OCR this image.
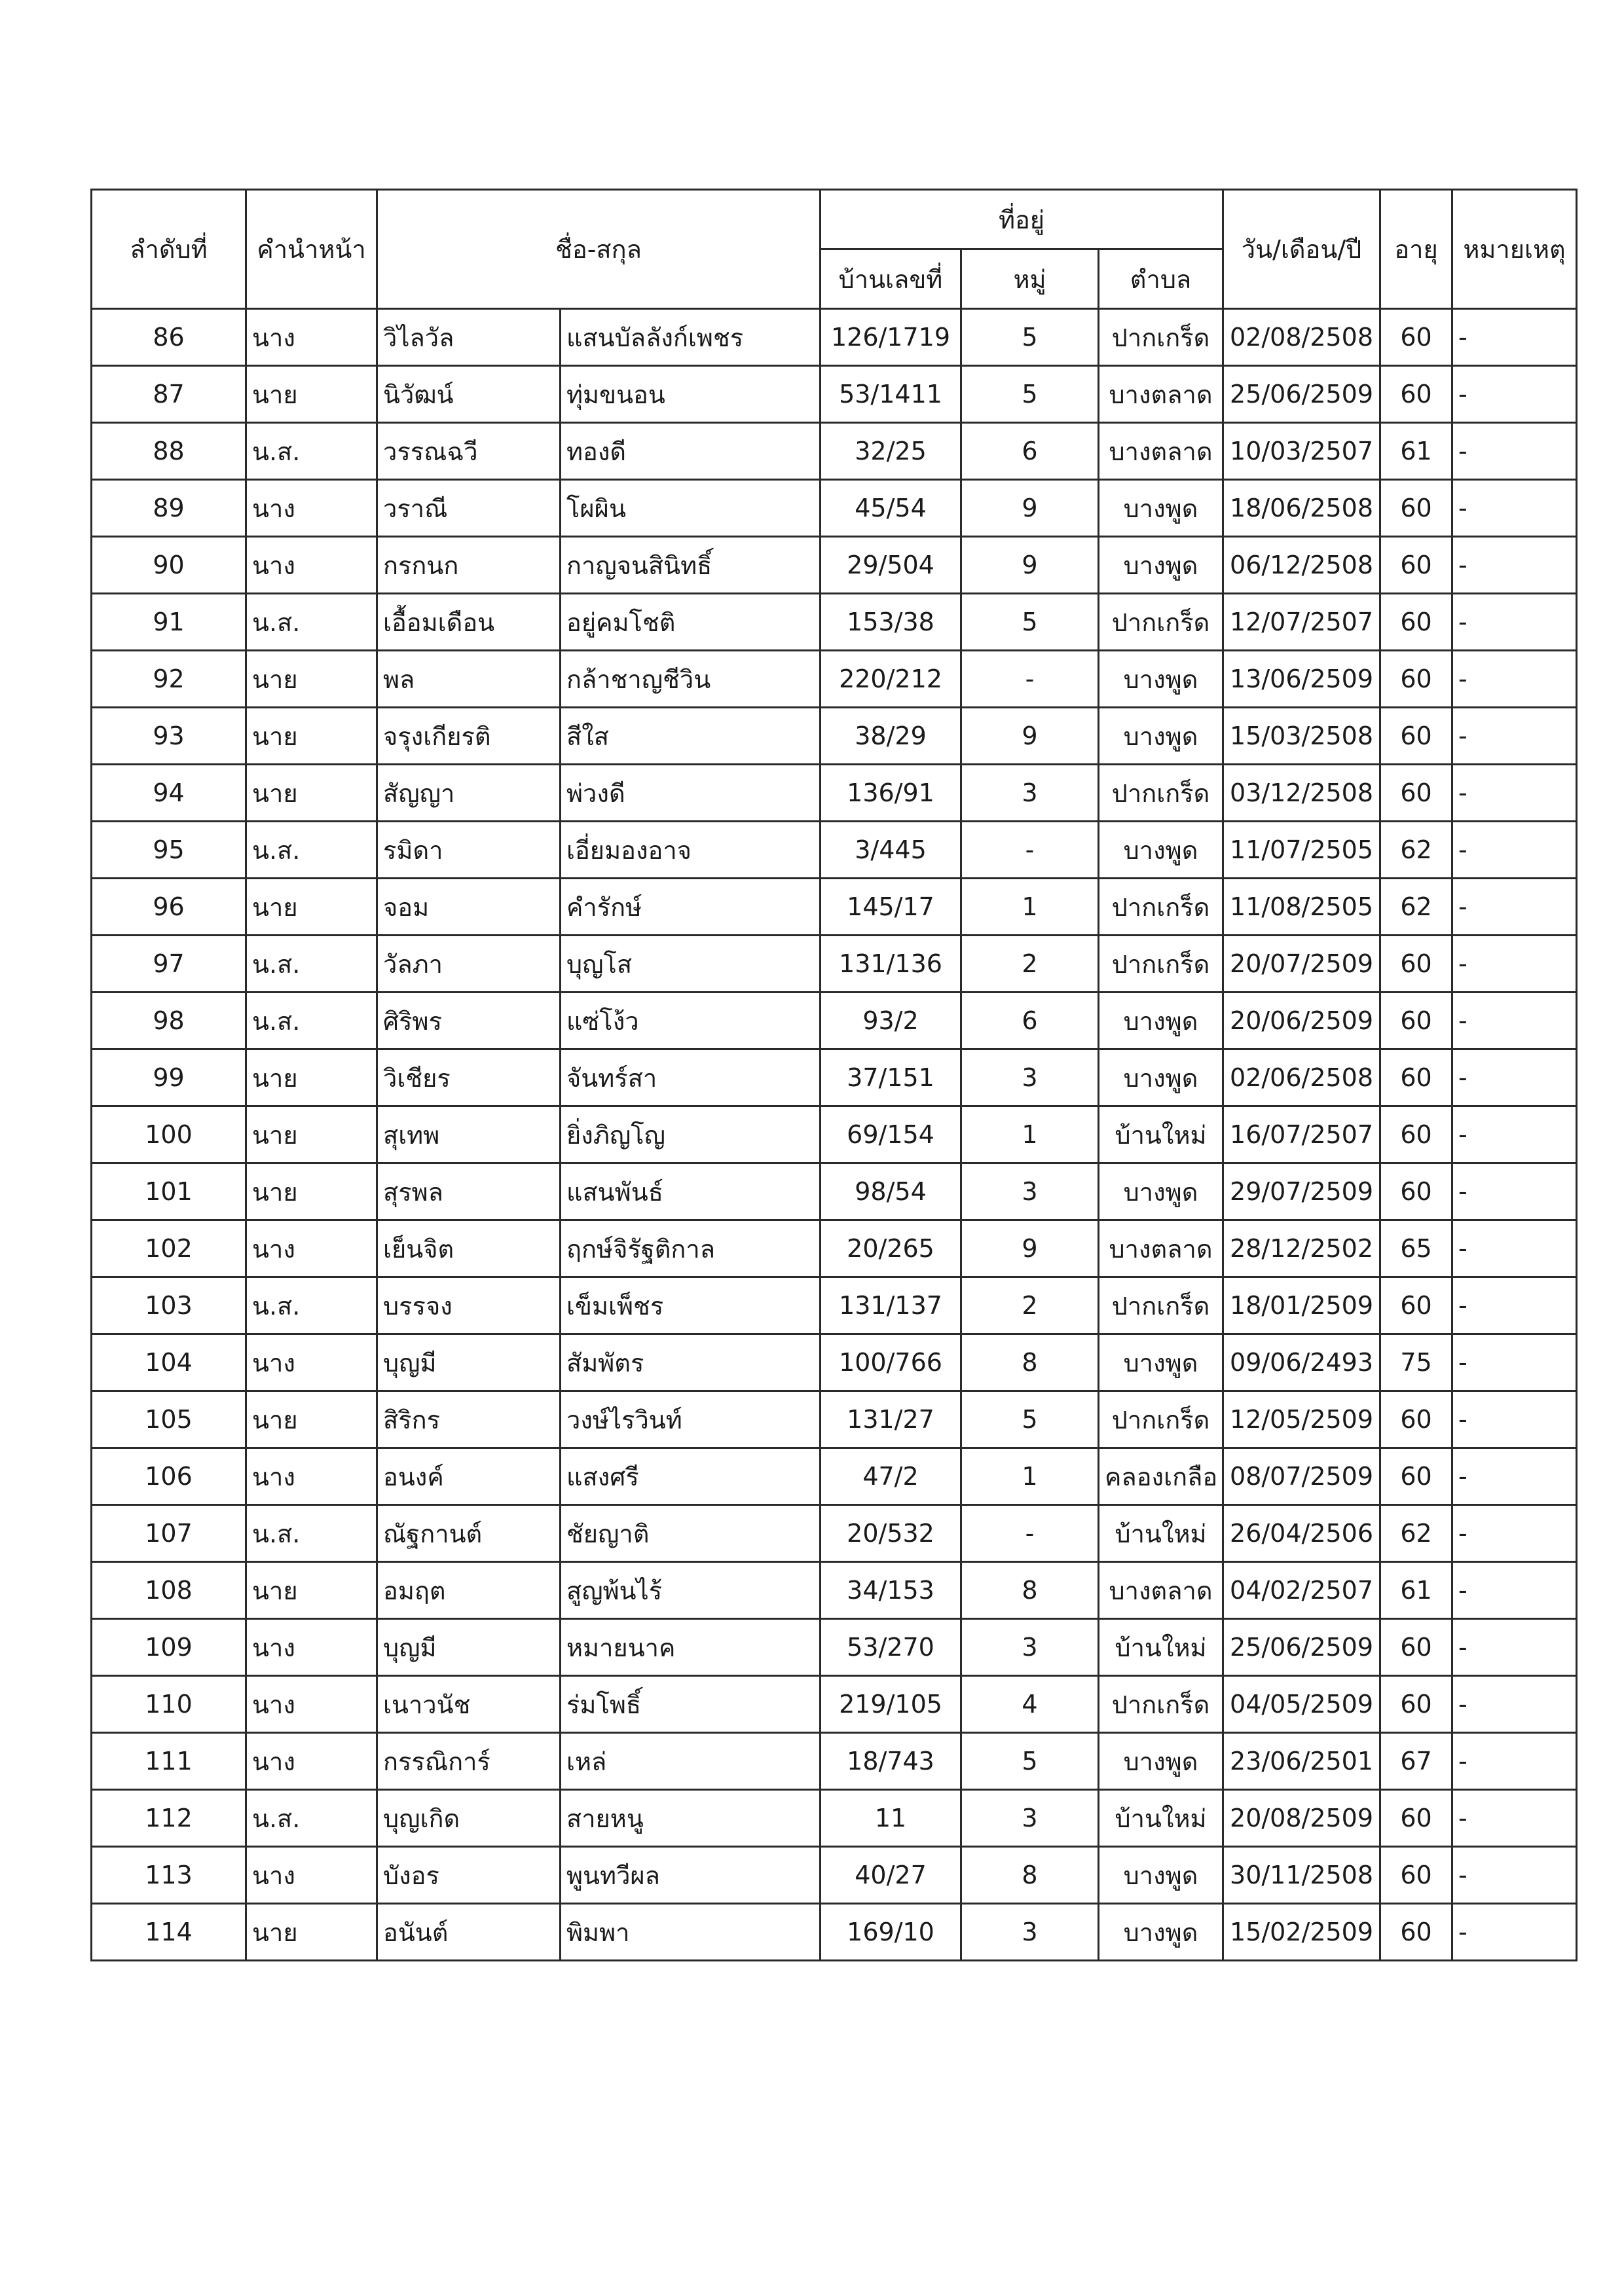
ลำดับที่	คำนำหน้า	ชื่อ-สกุล		ที่อยู่			วัน/เดือน/ปี	อายุ	หมายเหตุ
				บ้านเลขที่	หมู่	ตำบล			
86	นาง	วิไลวัล	แสนบัลลังก์เพชร	126/1719	5	ปากเกร็ด	02/08/2508	60	-
87	นาย	นิวัฒน์	ทุ่มขนอน	53/1411	5	บางตลาด	25/06/2509	60	-
88	น.ส.	วรรณฉวี	ทองดี	32/25	6	บางตลาด	10/03/2507	61	-
89	นาง	วราณี	โผผิน	45/54	9	บางพูด	18/06/2508	60	-
90	นาง	กรกนก	กาญจนสินิทธิ์	29/504	9	บางพูด	06/12/2508	60	-
91	น.ส.	เอื้อมเดือน	อยู่คมโชติ	153/38	5	ปากเกร็ด	12/07/2507	60	-
92	นาย	พล	กล้าชาญชีวิน	220/212	-	บางพูด	13/06/2509	60	-
93	นาย	จรุงเกียรติ	สีใส	38/29	9	บางพูด	15/03/2508	60	-
94	นาย	สัญญา	พ่วงดี	136/91	3	ปากเกร็ด	03/12/2508	60	-
95	น.ส.	รมิดา	เอี่ยมองอาจ	3/445	-	บางพูด	11/07/2505	62	-
96	นาย	จอม	คำรักษ์	145/17	1	ปากเกร็ด	11/08/2505	62	-
97	น.ส.	วัลภา	บุญโส	131/136	2	ปากเกร็ด	20/07/2509	60	-
98	น.ส.	ศิริพร	แซ่โง้ว	93/2	6	บางพูด	20/06/2509	60	-
99	นาย	วิเชียร	จันทร์สา	37/151	3	บางพูด	02/06/2508	60	-
100	นาย	สุเทพ	ยิ่งภิญโญ	69/154	1	บ้านใหม่	16/07/2507	60	-
101	นาย	สุรพล	แสนพันธ์	98/54	3	บางพูด	29/07/2509	60	-
102	นาง	เย็นจิต	ฤกษ์จิรัฐติกาล	20/265	9	บางตลาด	28/12/2502	65	-
103	น.ส.	บรรจง	เข็มเพ็ชร	131/137	2	ปากเกร็ด	18/01/2509	60	-
104	นาง	บุญมี	สัมพัตร	100/766	8	บางพูด	09/06/2493	75	-
105	นาย	สิริกร	วงษ์ไรวินท์	131/27	5	ปากเกร็ด	12/05/2509	60	-
106	นาง	อนงค์	แสงศรี	47/2	1	คลองเกลือ	08/07/2509	60	-
107	น.ส.	ณัฐกานต์	ชัยญาติ	20/532	-	บ้านใหม่	26/04/2506	62	-
108	นาย	อมฤต	สูญพ้นไร้	34/153	8	บางตลาด	04/02/2507	61	-
109	นาง	บุญมี	หมายนาค	53/270	3	บ้านใหม่	25/06/2509	60	-
110	นาง	เนาวนัช	ร่มโพธิ์	219/105	4	ปากเกร็ด	04/05/2509	60	-
111	นาง	กรรณิการ์	เหล่	18/743	5	บางพูด	23/06/2501	67	-
112	น.ส.	บุญเกิด	สายหนู	11	3	บ้านใหม่	20/08/2509	60	-
113	นาง	บังอร	พูนทวีผล	40/27	8	บางพูด	30/11/2508	60	-
114	นาย	อนันต์	พิมพา	169/10	3	บางพูด	15/02/2509	60	-
